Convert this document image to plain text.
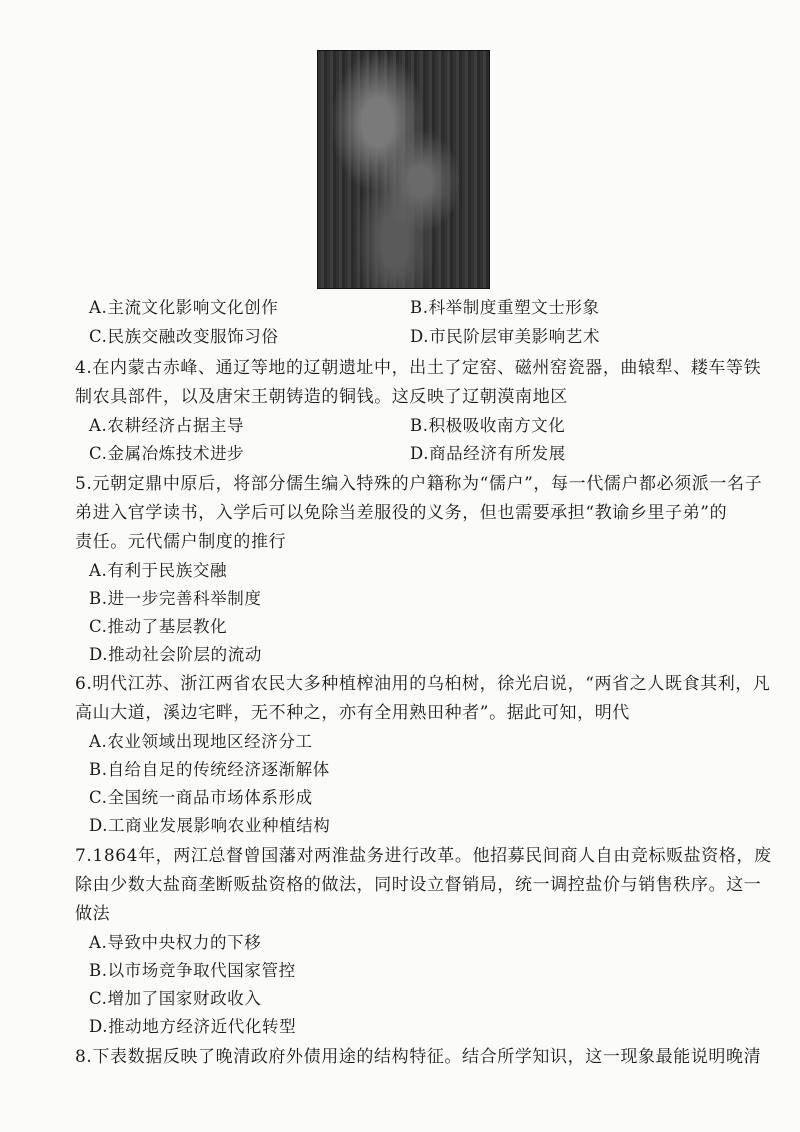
A.主流文化影响文化创作	B.科举制度重塑文士形象
C.民族交融改变服饰习俗	D.市民阶层审美影响艺术
4.在内蒙古赤峰、通辽等地的辽朝遗址中，出土了定窑、磁州窑瓷器，曲辕犁、耧车等铁
制农具部件，以及唐宋王朝铸造的铜钱。这反映了辽朝漠南地区
A.农耕经济占据主导	B.积极吸收南方文化
C.金属冶炼技术进步	D.商品经济有所发展
5.元朝定鼎中原后，将部分儒生编入特殊的户籍称为“儒户”，每一代儒户都必须派一名子
弟进入官学读书，入学后可以免除当差服役的义务，但也需要承担“教谕乡里子弟”的
责任。元代儒户制度的推行
A.有利于民族交融
B.进一步完善科举制度
C.推动了基层教化
D.推动社会阶层的流动
6.明代江苏、浙江两省农民大多种植榨油用的乌桕树，徐光启说，“两省之人既食其利，凡
高山大道，溪边宅畔，无不种之，亦有全用熟田种者”。据此可知，明代
A.农业领域出现地区经济分工
B.自给自足的传统经济逐渐解体
C.全国统一商品市场体系形成
D.工商业发展影响农业种植结构
7.1864年，两江总督曾国藩对两淮盐务进行改革。他招募民间商人自由竞标贩盐资格，废
除由少数大盐商垄断贩盐资格的做法，同时设立督销局，统一调控盐价与销售秩序。这一
做法
A.导致中央权力的下移
B.以市场竞争取代国家管控
C.增加了国家财政收入
D.推动地方经济近代化转型
8.下表数据反映了晚清政府外债用途的结构特征。结合所学知识，这一现象最能说明晚清
